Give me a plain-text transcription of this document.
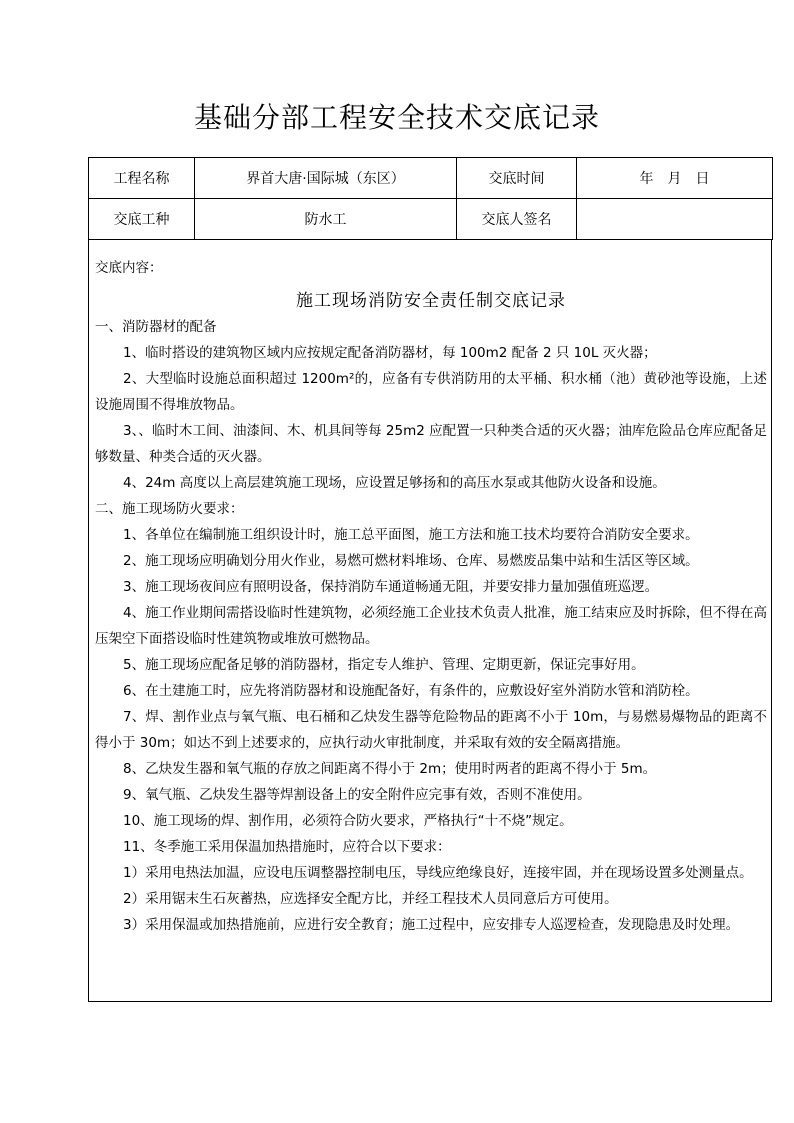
基础分部工程安全技术交底记录
工程名称	界首大唐·国际城（东区）	交底时间	年　月　日
交底工种	防水工	交底人签名	
交底内容：
施工现场消防安全责任制交底记录

一、消防器材的配备

1、临时搭设的建筑物区域内应按规定配备消防器材，每 100m2 配备 2 只 10L 灭火器；

2、大型临时设施总面积超过 1200m²的，应备有专供消防用的太平桶、积水桶（池）黄砂池等设施，上述设施周围不得堆放物品。

3、、临时木工间、油漆间、木、机具间等每 25m2 应配置一只种类合适的灭火器；油库危险品仓库应配备足够数量、种类合适的灭火器。

4、24m 高度以上高层建筑施工现场，应设置足够扬和的高压水泵或其他防火设备和设施。

二、施工现场防火要求：

1、各单位在编制施工组织设计时，施工总平面图，施工方法和施工技术均要符合消防安全要求。

2、施工现场应明确划分用火作业，易燃可燃材料堆场、仓库、易燃废品集中站和生活区等区域。

3、施工现场夜间应有照明设备，保持消防车通道畅通无阻，并要安排力量加强值班巡逻。

4、施工作业期间需搭设临时性建筑物，必须经施工企业技术负责人批准，施工结束应及时拆除，但不得在高压架空下面搭设临时性建筑物或堆放可燃物品。

5、施工现场应配备足够的消防器材，指定专人维护、管理、定期更新，保证完事好用。

6、在土建施工时，应先将消防器材和设施配备好，有条件的，应敷设好室外消防水管和消防栓。

7、焊、割作业点与氧气瓶、电石桶和乙炔发生器等危险物品的距离不小于 10m，与易燃易爆物品的距离不得小于 30m；如达不到上述要求的，应执行动火审批制度，并采取有效的安全隔离措施。

8、乙炔发生器和氧气瓶的存放之间距离不得小于 2m；使用时两者的距离不得小于 5m。

9、氧气瓶、乙炔发生器等焊割设备上的安全附件应完事有效，否则不准使用。

10、施工现场的焊、割作用，必须符合防火要求，严格执行“十不烧”规定。

11、冬季施工采用保温加热措施时，应符合以下要求：

1）采用电热法加温，应设电压调整器控制电压，导线应绝缘良好，连接牢固，并在现场设置多处测量点。

2）采用锯末生石灰蓄热，应选择安全配方比，并经工程技术人员同意后方可使用。

3）采用保温或加热措施前，应进行安全教育；施工过程中，应安排专人巡逻检查，发现隐患及时处理。
